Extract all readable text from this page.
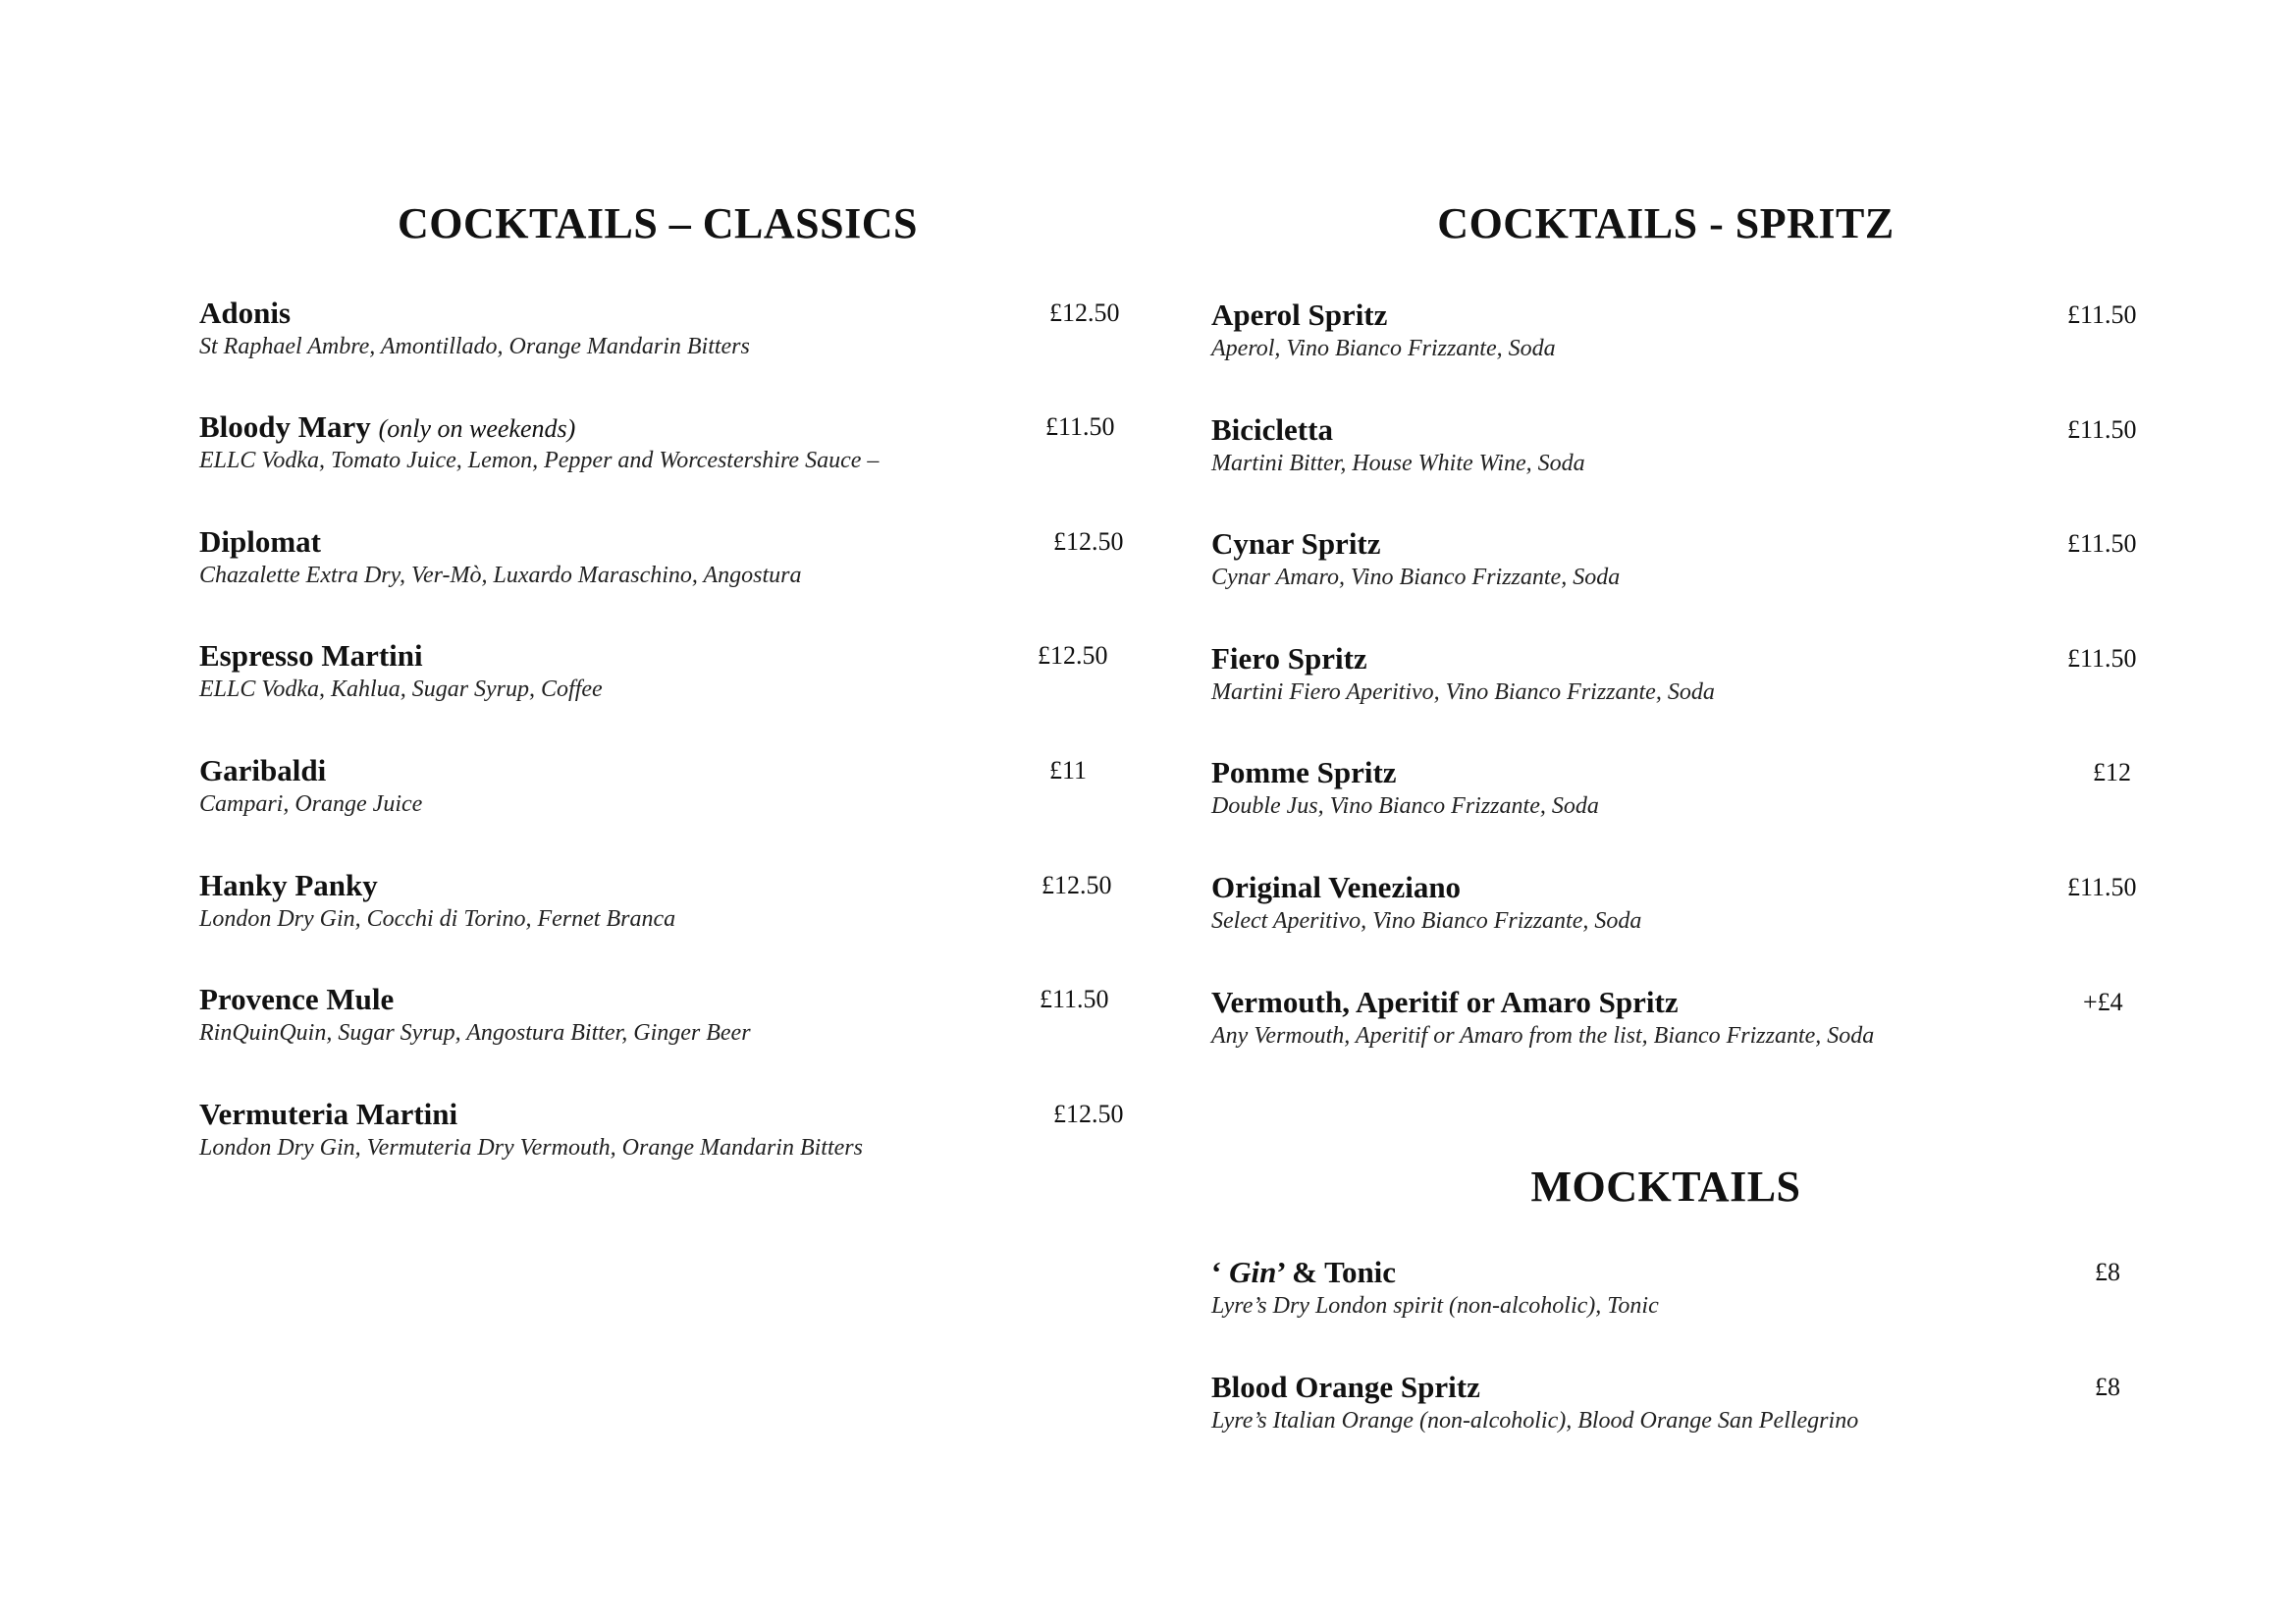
COCKTAILS – CLASSICS
Adonis
St Raphael Ambre, Amontillado, Orange Mandarin Bitters
£12.50
Bloody Mary (only on weekends)
ELLC Vodka, Tomato Juice, Lemon, Pepper and Worcestershire Sauce –
£11.50
Diplomat
Chazalette Extra Dry, Ver-Mò, Luxardo Maraschino, Angostura
£12.50
Espresso Martini
ELLC Vodka, Kahlua, Sugar Syrup, Coffee
£12.50
Garibaldi
Campari, Orange Juice
£11
Hanky Panky
London Dry Gin, Cocchi di Torino, Fernet Branca
£12.50
Provence Mule
RinQuinQuin, Sugar Syrup, Angostura Bitter, Ginger Beer
£11.50
Vermuteria Martini
London Dry Gin, Vermuteria Dry Vermouth, Orange Mandarin Bitters
£12.50
COCKTAILS - SPRITZ
Aperol Spritz
Aperol, Vino Bianco Frizzante, Soda
£11.50
Bicicletta
Martini Bitter, House White Wine, Soda
£11.50
Cynar Spritz
Cynar Amaro, Vino Bianco Frizzante, Soda
£11.50
Fiero Spritz
Martini Fiero Aperitivo, Vino Bianco Frizzante, Soda
£11.50
Pomme Spritz
Double Jus, Vino Bianco Frizzante, Soda
£12
Original Veneziano
Select Aperitivo, Vino Bianco Frizzante, Soda
£11.50
Vermouth, Aperitif or Amaro Spritz
Any Vermouth, Aperitif or Amaro from the list, Bianco Frizzante, Soda
+£4
MOCKTAILS
‘ Gin’ & Tonic
Lyre’s Dry London spirit (non-alcoholic), Tonic
£8
Blood Orange Spritz
Lyre’s Italian Orange (non-alcoholic), Blood Orange San Pellegrino
£8
